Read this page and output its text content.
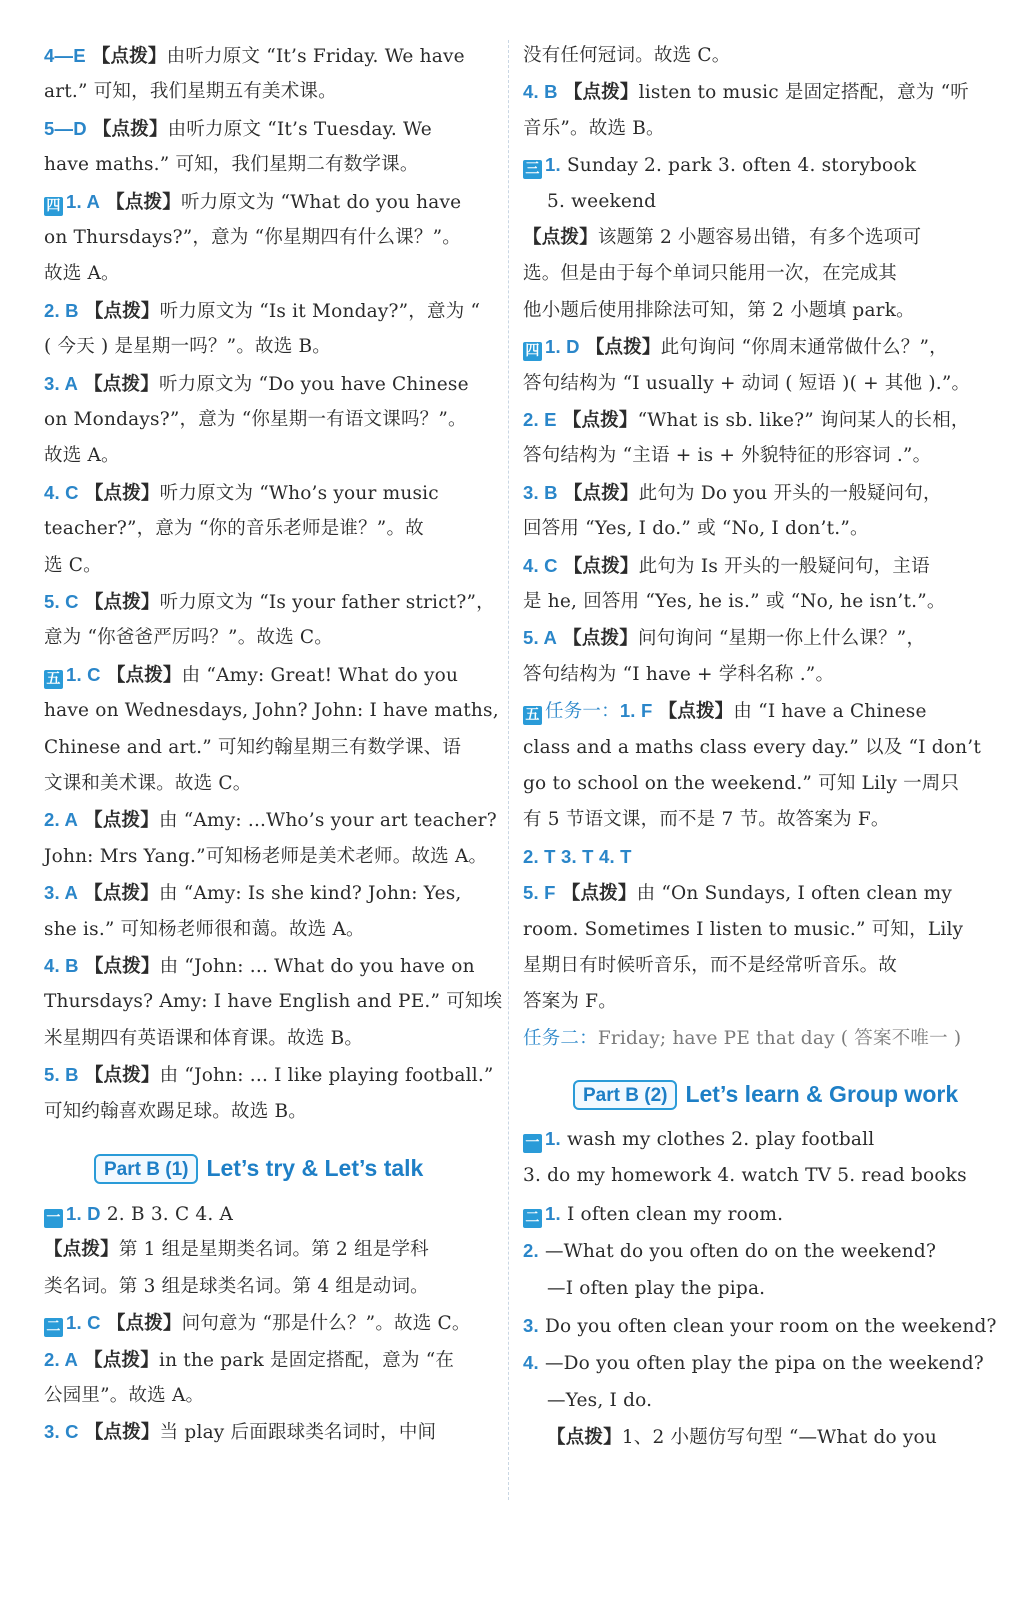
4—E 【点拨】由听力原文 “It’s Friday. We have
art.” 可知，我们星期五有美术课。
5—D 【点拨】由听力原文 “It’s Tuesday. We
have maths.” 可知，我们星期二有数学课。
四 1. A 【点拨】听力原文为 “What do you have
on Thursdays?”，意为 “你星期四有什么课？”。
故选 A。
2. B 【点拨】听力原文为 “Is it Monday?”，意为 “
( 今天 ) 是星期一吗？”。故选 B。
3. A 【点拨】听力原文为 “Do you have Chinese
on Mondays?”，意为 “你星期一有语文课吗？”。
故选 A。
4. C 【点拨】听力原文为 “Who’s your music
teacher?”，意为 “你的音乐老师是谁？”。故
选 C。
5. C 【点拨】听力原文为 “Is your father strict?”，
意为 “你爸爸严厉吗？”。故选 C。
五 1. C 【点拨】由 “Amy: Great! What do you
have on Wednesdays, John? John: I have maths,
Chinese and art.” 可知约翰星期三有数学课、语
文课和美术课。故选 C。
2. A 【点拨】由 “Amy: ...Who’s your art teacher?
John: Mrs Yang.”可知杨老师是美术老师。故选 A。
3. A 【点拨】由 “Amy: Is she kind? John: Yes,
she is.” 可知杨老师很和蔼。故选 A。
4. B 【点拨】由 “John: ... What do you have on
Thursdays? Amy: I have English and PE.” 可知埃
米星期四有英语课和体育课。故选 B。
5. B 【点拨】由 “John: ... I like playing football.”
可知约翰喜欢踢足球。故选 B。
Part B (1) Let’s try & Let’s talk
一 1. D 2. B 3. C 4. A
【点拨】第 1 组是星期类名词。第 2 组是学科
类名词。第 3 组是球类名词。第 4 组是动词。
二 1. C 【点拨】问句意为 “那是什么？”。故选 C。
2. A 【点拨】in the park 是固定搭配，意为 “在
公园里”。故选 A。
3. C 【点拨】当 play 后面跟球类名词时，中间
没有任何冠词。故选 C。
4. B 【点拨】listen to music 是固定搭配，意为 “听
音乐”。故选 B。
三 1. Sunday 2. park 3. often 4. storybook
5. weekend
【点拨】该题第 2 小题容易出错，有多个选项可
选。但是由于每个单词只能用一次，在完成其
他小题后使用排除法可知，第 2 小题填 park。
四 1. D 【点拨】此句询问 “你周末通常做什么？”，
答句结构为 “I usually + 动词 ( 短语 )( + 其他 ).”。
2. E 【点拨】“What is sb. like?” 询问某人的长相，
答句结构为 “主语 + is + 外貌特征的形容词 .”。
3. B 【点拨】此句为 Do you 开头的一般疑问句，
回答用 “Yes, I do.” 或 “No, I don’t.”。
4. C 【点拨】此句为 Is 开头的一般疑问句，主语
是 he, 回答用 “Yes, he is.” 或 “No, he isn’t.”。
5. A 【点拨】问句询问 “星期一你上什么课？”，
答句结构为 “I have + 学科名称 .”。
五 任务一：1. F 【点拨】由 “I have a Chinese
class and a maths class every day.” 以及 “I don’t
go to school on the weekend.” 可知 Lily 一周只
有 5 节语文课，而不是 7 节。故答案为 F。
2. T 3. T 4. T
5. F 【点拨】由 “On Sundays, I often clean my
room. Sometimes I listen to music.” 可知，Lily
星期日有时候听音乐，而不是经常听音乐。故
答案为 F。
任务二：Friday; have PE that day ( 答案不唯一 )
Part B (2) Let’s learn & Group work
一 1. wash my clothes 2. play football
3. do my homework 4. watch TV 5. read books
二 1. I often clean my room.
2. —What do you often do on the weekend?
—I often play the pipa.
3. Do you often clean your room on the weekend?
4. —Do you often play the pipa on the weekend?
—Yes, I do.
【点拨】1、2 小题仿写句型 “—What do you
